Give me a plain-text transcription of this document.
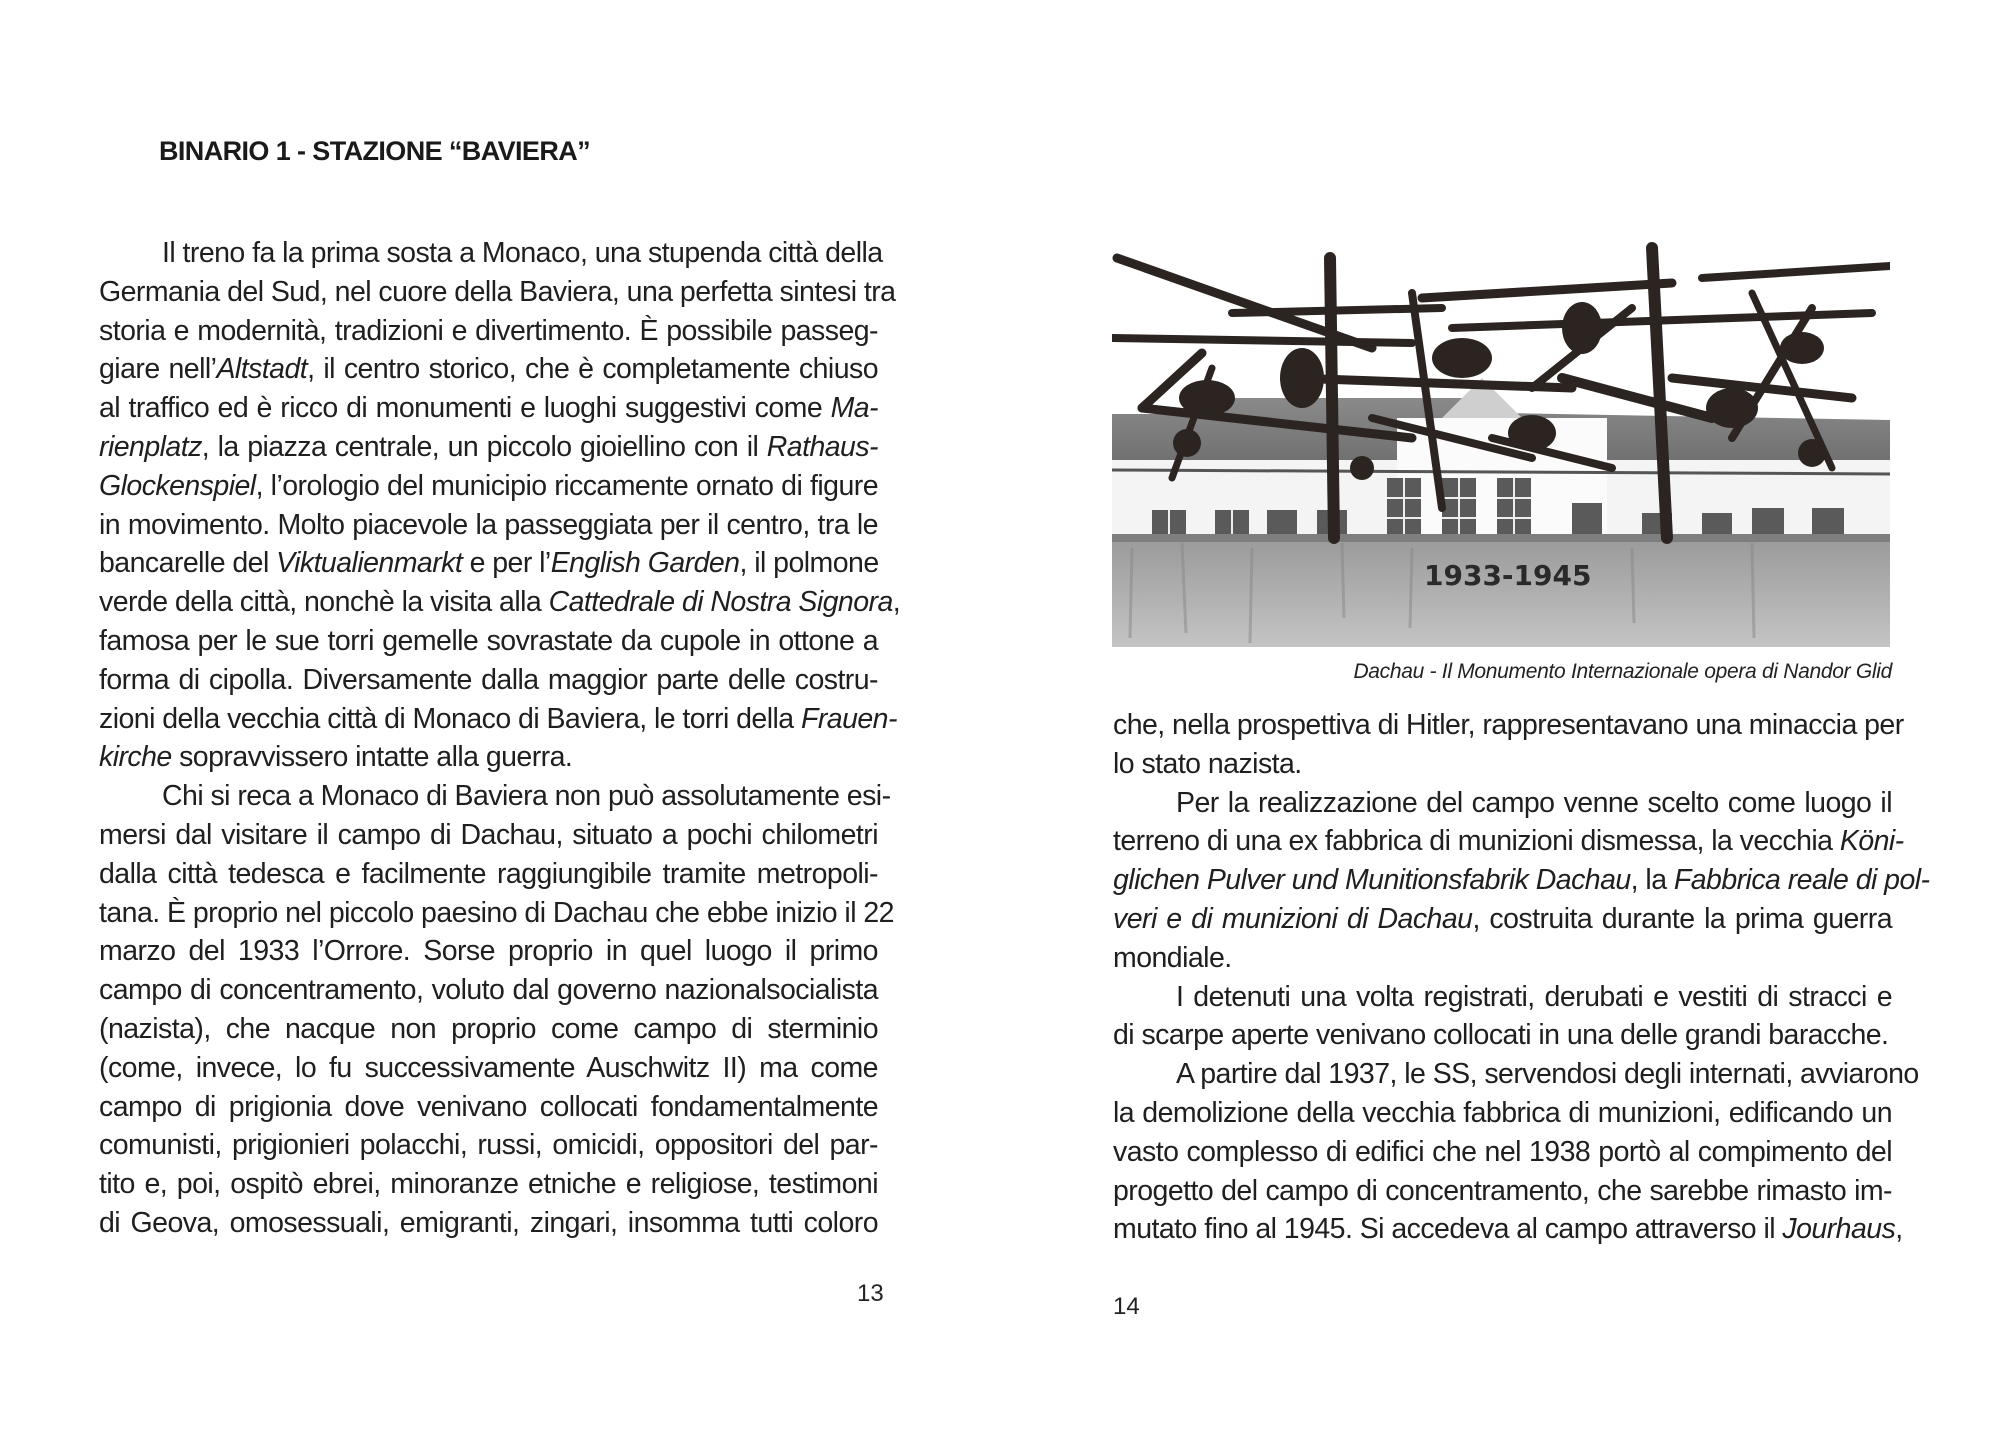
BINARIO 1 - STAZIONE “BAVIERA”
Il treno fa la prima sosta a Monaco, una stupenda città della
Germania del Sud, nel cuore della Baviera, una perfetta sintesi tra
storia e modernità, tradizioni e divertimento. È possibile passeg-
giare nell’Altstadt, il centro storico, che è completamente chiuso
al traffico ed è ricco di monumenti e luoghi suggestivi come Ma-
rienplatz, la piazza centrale, un piccolo gioiellino con il Rathaus-
Glockenspiel, l’orologio del municipio riccamente ornato di figure
in movimento. Molto piacevole la passeggiata per il centro, tra le
bancarelle del Viktualienmarkt e per l’English Garden, il polmone
verde della città, nonchè la visita alla Cattedrale di Nostra Signora,
famosa per le sue torri gemelle sovrastate da cupole in ottone a
forma di cipolla. Diversamente dalla maggior parte delle costru-
zioni della vecchia città di Monaco di Baviera, le torri della Frauen-
kirche sopravvissero intatte alla guerra.
Chi si reca a Monaco di Baviera non può assolutamente esi-
mersi dal visitare il campo di Dachau, situato a pochi chilometri
dalla città tedesca e facilmente raggiungibile tramite metropoli-
tana. È proprio nel piccolo paesino di Dachau che ebbe inizio il 22
marzo del 1933 l’Orrore. Sorse proprio in quel luogo il primo
campo di concentramento, voluto dal governo nazionalsocialista
(nazista), che nacque non proprio come campo di sterminio
(come, invece, lo fu successivamente Auschwitz II) ma come
campo di prigionia dove venivano collocati fondamentalmente
comunisti, prigionieri polacchi, russi, omicidi, oppositori del par-
tito e, poi, ospitò ebrei, minoranze etniche e religiose, testimoni
di Geova, omosessuali, emigranti, zingari, insomma tutti coloro
13
1933-1945
Dachau - Il Monumento Internazionale opera di Nandor Glid
che, nella prospettiva di Hitler, rappresentavano una minaccia per
lo stato nazista.
Per la realizzazione del campo venne scelto come luogo il
terreno di una ex fabbrica di munizioni dismessa, la vecchia Köni-
glichen Pulver und Munitionsfabrik Dachau, la Fabbrica reale di pol-
veri e di munizioni di Dachau, costruita durante la prima guerra
mondiale.
I detenuti una volta registrati, derubati e vestiti di stracci e
di scarpe aperte venivano collocati in una delle grandi baracche.
A partire dal 1937, le SS, servendosi degli internati, avviarono
la demolizione della vecchia fabbrica di munizioni, edificando un
vasto complesso di edifici che nel 1938 portò al compimento del
progetto del campo di concentramento, che sarebbe rimasto im-
mutato fino al 1945. Si accedeva al campo attraverso il Jourhaus,
14
